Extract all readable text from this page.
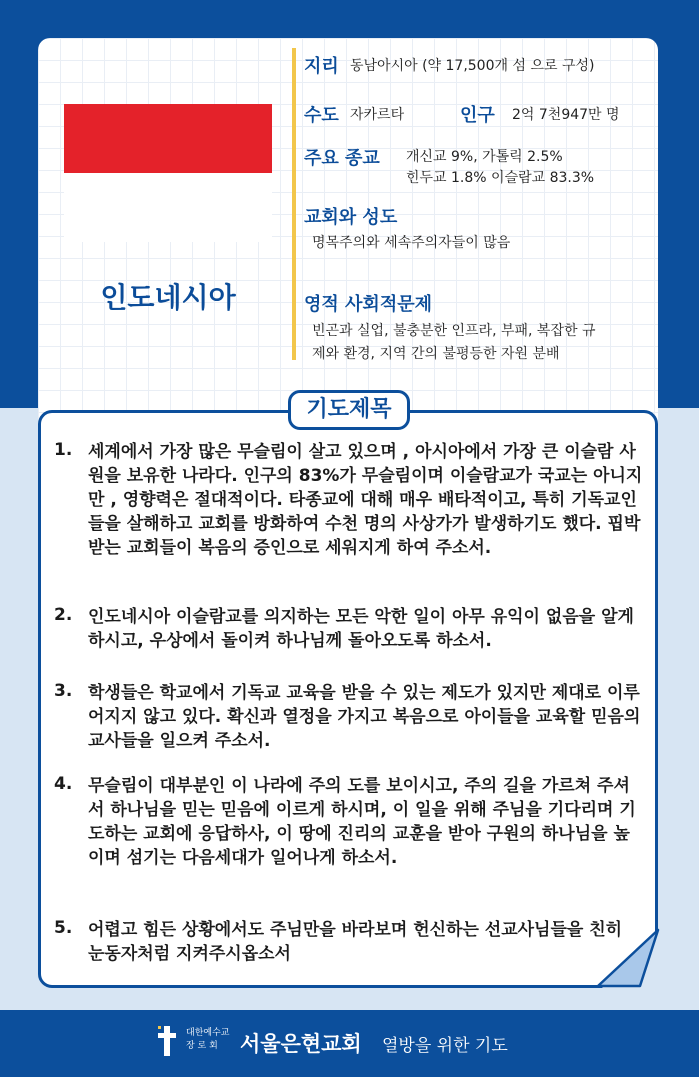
인도네시아
지리 동남아시아 (약 17,500개 섬 으로 구성)
수도 자카르타	인구 2억 7천947만 명
주요 종교 개신교 9%, 가톨릭 2.5%
힌두교 1.8% 이슬람교 83.3%
교회와 성도
명목주의와 세속주의자들이 많음
영적 사회적문제
빈곤과 실업, 불충분한 인프라, 부패, 복잡한 규
제와 환경, 지역 간의 불평등한 자원 분배
기도제목
1. 세계에서 가장 많은 무슬림이 살고 있으며 , 아시아에서 가장 큰 이슬람 사원을 보유한 나라다. 인구의 83%가 무슬림이며 이슬람교가 국교는 아니지만 , 영향력은 절대적이다. 타종교에 대해 매우 배타적이고, 특히 기독교인들을 살해하고 교회를 방화하여 수천 명의 사상가가 발생하기도 했다. 핍박받는 교회들이 복음의 증인으로 세워지게 하여 주소서.
2. 인도네시아 이슬람교를 의지하는 모든 악한 일이 아무 유익이 없음을 알게 하시고, 우상에서 돌이켜 하나님께 돌아오도록 하소서.
3. 학생들은 학교에서 기독교 교육을 받을 수 있는 제도가 있지만 제대로 이루어지지 않고 있다. 확신과 열정을 가지고 복음으로 아이들을 교육할 믿음의 교사들을 일으켜 주소서.
4. 무슬림이 대부분인 이 나라에 주의 도를 보이시고, 주의 길을 가르쳐 주셔서 하나님을 믿는 믿음에 이르게 하시며, 이 일을 위해 주님을 기다리며 기도하는 교회에 응답하사, 이 땅에 진리의 교훈을 받아 구원의 하나님을 높이며 섬기는 다음세대가 일어나게 하소서.
5. 어렵고 힘든 상황에서도 주님만을 바라보며 헌신하는 선교사님들을 친히 눈동자처럼 지켜주시옵소서
대한예수교
장 로 회 서울은현교회 열방을 위한 기도
